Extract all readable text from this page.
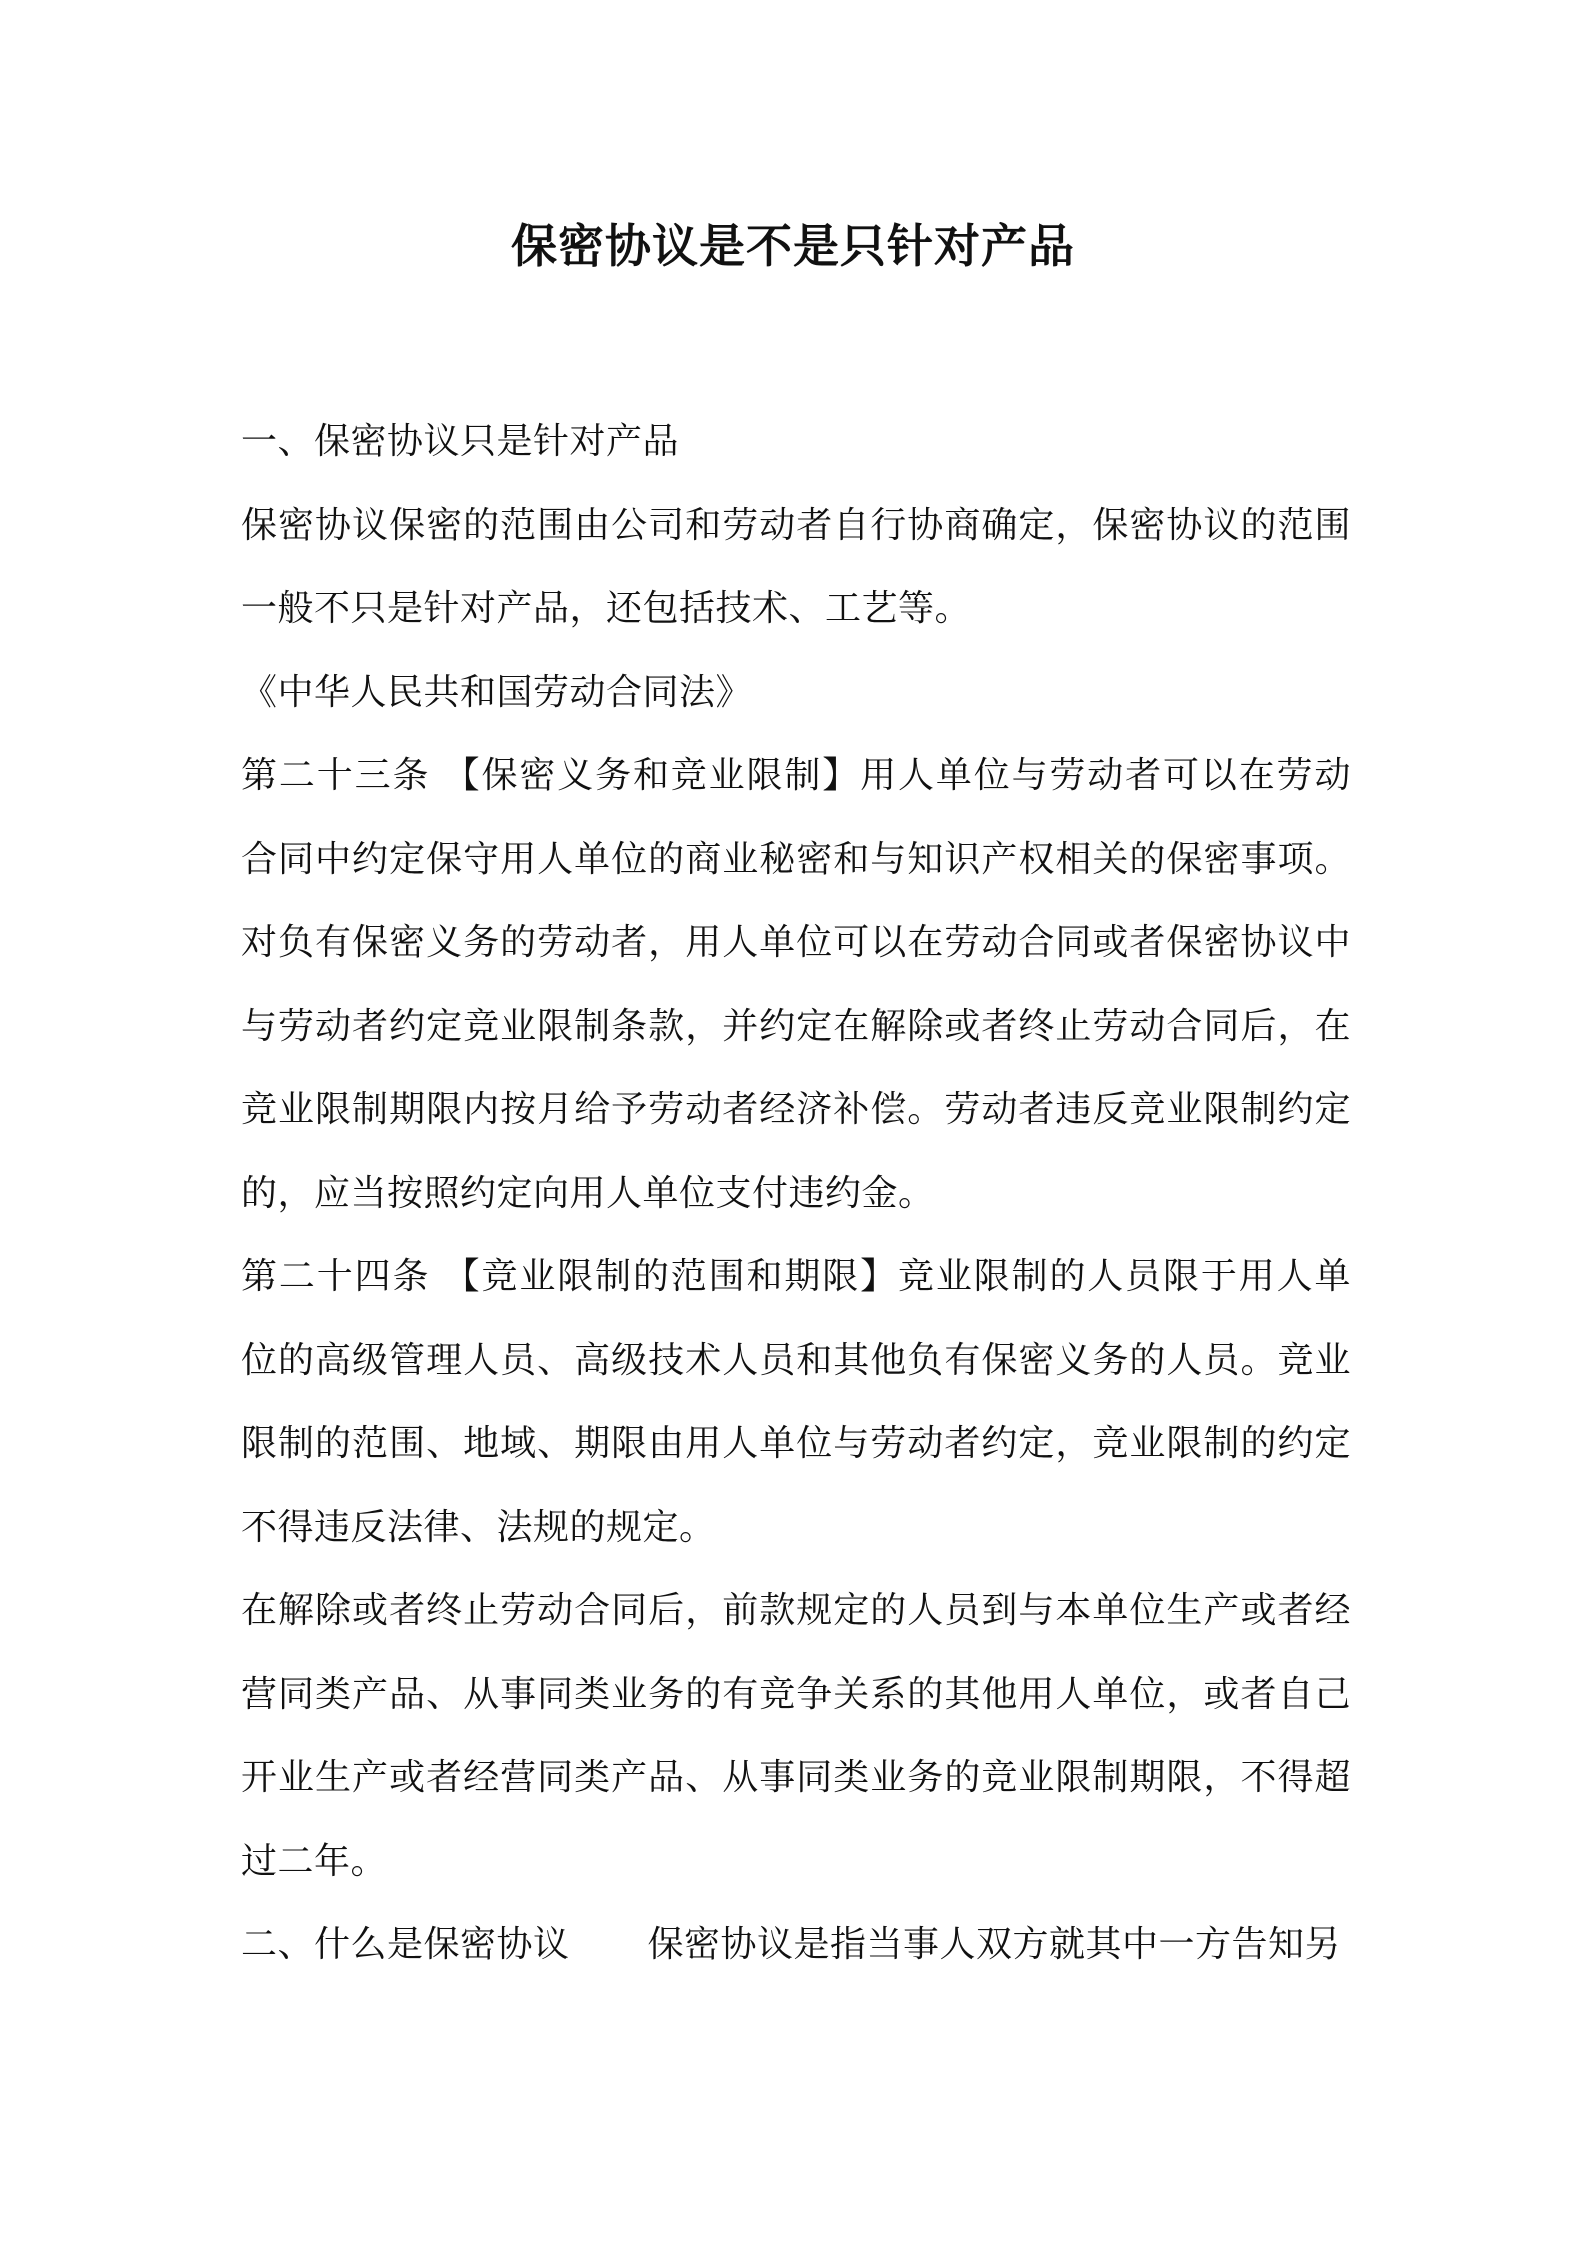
保密协议是不是只针对产品
一、保密协议只是针对产品
保密协议保密的范围由公司和劳动者自行协商确定，保密协议的范围
一般不只是针对产品，还包括技术、工艺等。
《中华人民共和国劳动合同法》
第二十三条 【保密义务和竞业限制】用人单位与劳动者可以在劳动
合同中约定保守用人单位的商业秘密和与知识产权相关的保密事项。
对负有保密义务的劳动者，用人单位可以在劳动合同或者保密协议中
与劳动者约定竞业限制条款，并约定在解除或者终止劳动合同后，在
竞业限制期限内按月给予劳动者经济补偿。劳动者违反竞业限制约定
的，应当按照约定向用人单位支付违约金。
第二十四条 【竞业限制的范围和期限】竞业限制的人员限于用人单
位的高级管理人员、高级技术人员和其他负有保密义务的人员。竞业
限制的范围、地域、期限由用人单位与劳动者约定，竞业限制的约定
不得违反法律、法规的规定。
在解除或者终止劳动合同后，前款规定的人员到与本单位生产或者经
营同类产品、从事同类业务的有竞争关系的其他用人单位，或者自己
开业生产或者经营同类产品、从事同类业务的竞业限制期限，不得超
过二年。
二、什么是保密协议 保密协议是指当事人双方就其中一方告知另
